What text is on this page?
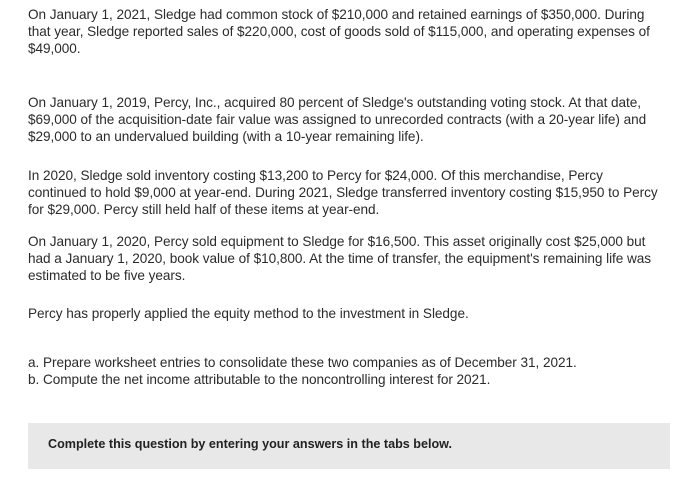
On January 1, 2021, Sledge had common stock of $210,000 and retained earnings of $350,000. During that year, Sledge reported sales of $220,000, cost of goods sold of $115,000, and operating expenses of $49,000.

On January 1, 2019, Percy, Inc., acquired 80 percent of Sledge's outstanding voting stock. At that date, $69,000 of the acquisition-date fair value was assigned to unrecorded contracts (with a 20-year life) and $29,000 to an undervalued building (with a 10-year remaining life).

In 2020, Sledge sold inventory costing $13,200 to Percy for $24,000. Of this merchandise, Percy continued to hold $9,000 at year-end. During 2021, Sledge transferred inventory costing $15,950 to Percy for $29,000. Percy still held half of these items at year-end.

On January 1, 2020, Percy sold equipment to Sledge for $16,500. This asset originally cost $25,000 but had a January 1, 2020, book value of $10,800. At the time of transfer, the equipment's remaining life was estimated to be five years.

Percy has properly applied the equity method to the investment in Sledge.

a. Prepare worksheet entries to consolidate these two companies as of December 31, 2021.

b. Compute the net income attributable to the noncontrolling interest for 2021.

Complete this question by entering your answers in the tabs below.
